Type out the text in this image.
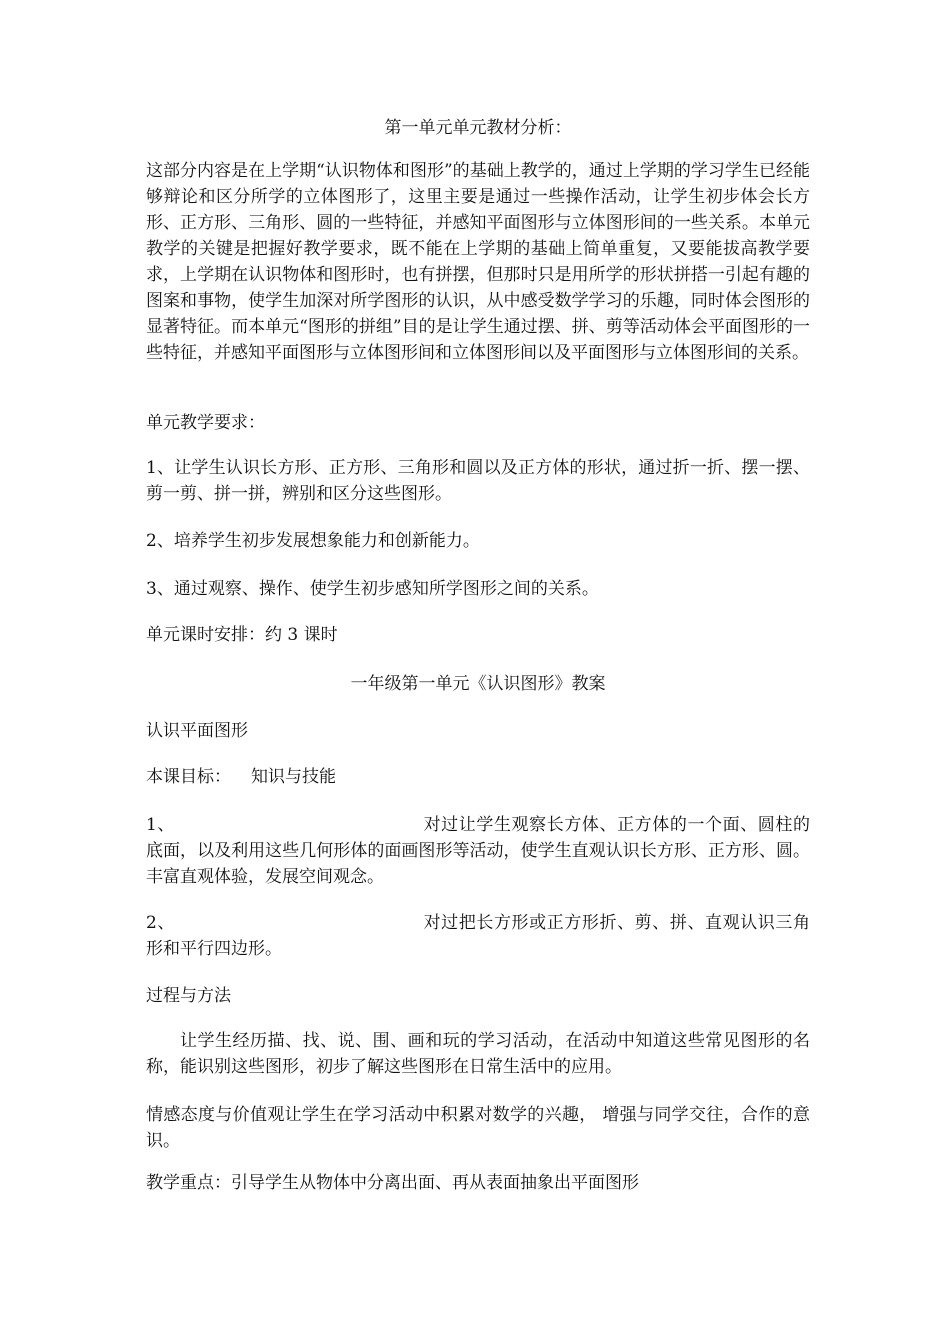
第一单元单元教材分析：

这部分内容是在上学期“认识物体和图形”的基础上教学的，通过上学期的学习学生已经能够辩论和区分所学的立体图形了，这里主要是通过一些操作活动，让学生初步体会长方形、正方形、三角形、圆的一些特征，并感知平面图形与立体图形间的一些关系。本单元教学的关键是把握好教学要求，既不能在上学期的基础上简单重复，又要能拔高教学要求，上学期在认识物体和图形时，也有拼摆，但那时只是用所学的形状拼搭一引起有趣的图案和事物，使学生加深对所学图形的认识，从中感受数学学习的乐趣，同时体会图形的显著特征。而本单元“图形的拼组”目的是让学生通过摆、拼、剪等活动体会平面图形的一些特征，并感知平面图形与立体图形间和立体图形间以及平面图形与立体图形间的关系。

单元教学要求：

1、让学生认识长方形、正方形、三角形和圆以及正方体的形状，通过折一折、摆一摆、剪一剪、拼一拼，辨别和区分这些图形。

2、培养学生初步发展想象能力和创新能力。
3、通过观察、操作、使学生初步感知所学图形之间的关系。
单元课时安排：约 3 课时
一年级第一单元《认识图形》教案
认识平面图形
本课目标： 知识与技能

1、	对过让学生观察长方体、正方体的一个面、圆柱的底面，以及利用这些几何形体的面画图形等活动，使学生直观认识长方形、正方形、圆。丰富直观体验，发展空间观念。

2、	对过把长方形或正方形折、剪、拼、直观认识三角形和平行四边形。

过程与方法

让学生经历描、找、说、围、画和玩的学习活动，在活动中知道这些常见图形的名称，能识别这些图形，初步了解这些图形在日常生活中的应用。

情感态度与价值观让学生在学习活动中积累对数学的兴趣， 增强与同学交往，合作的意识。

教学重点：引导学生从物体中分离出面、再从表面抽象出平面图形
